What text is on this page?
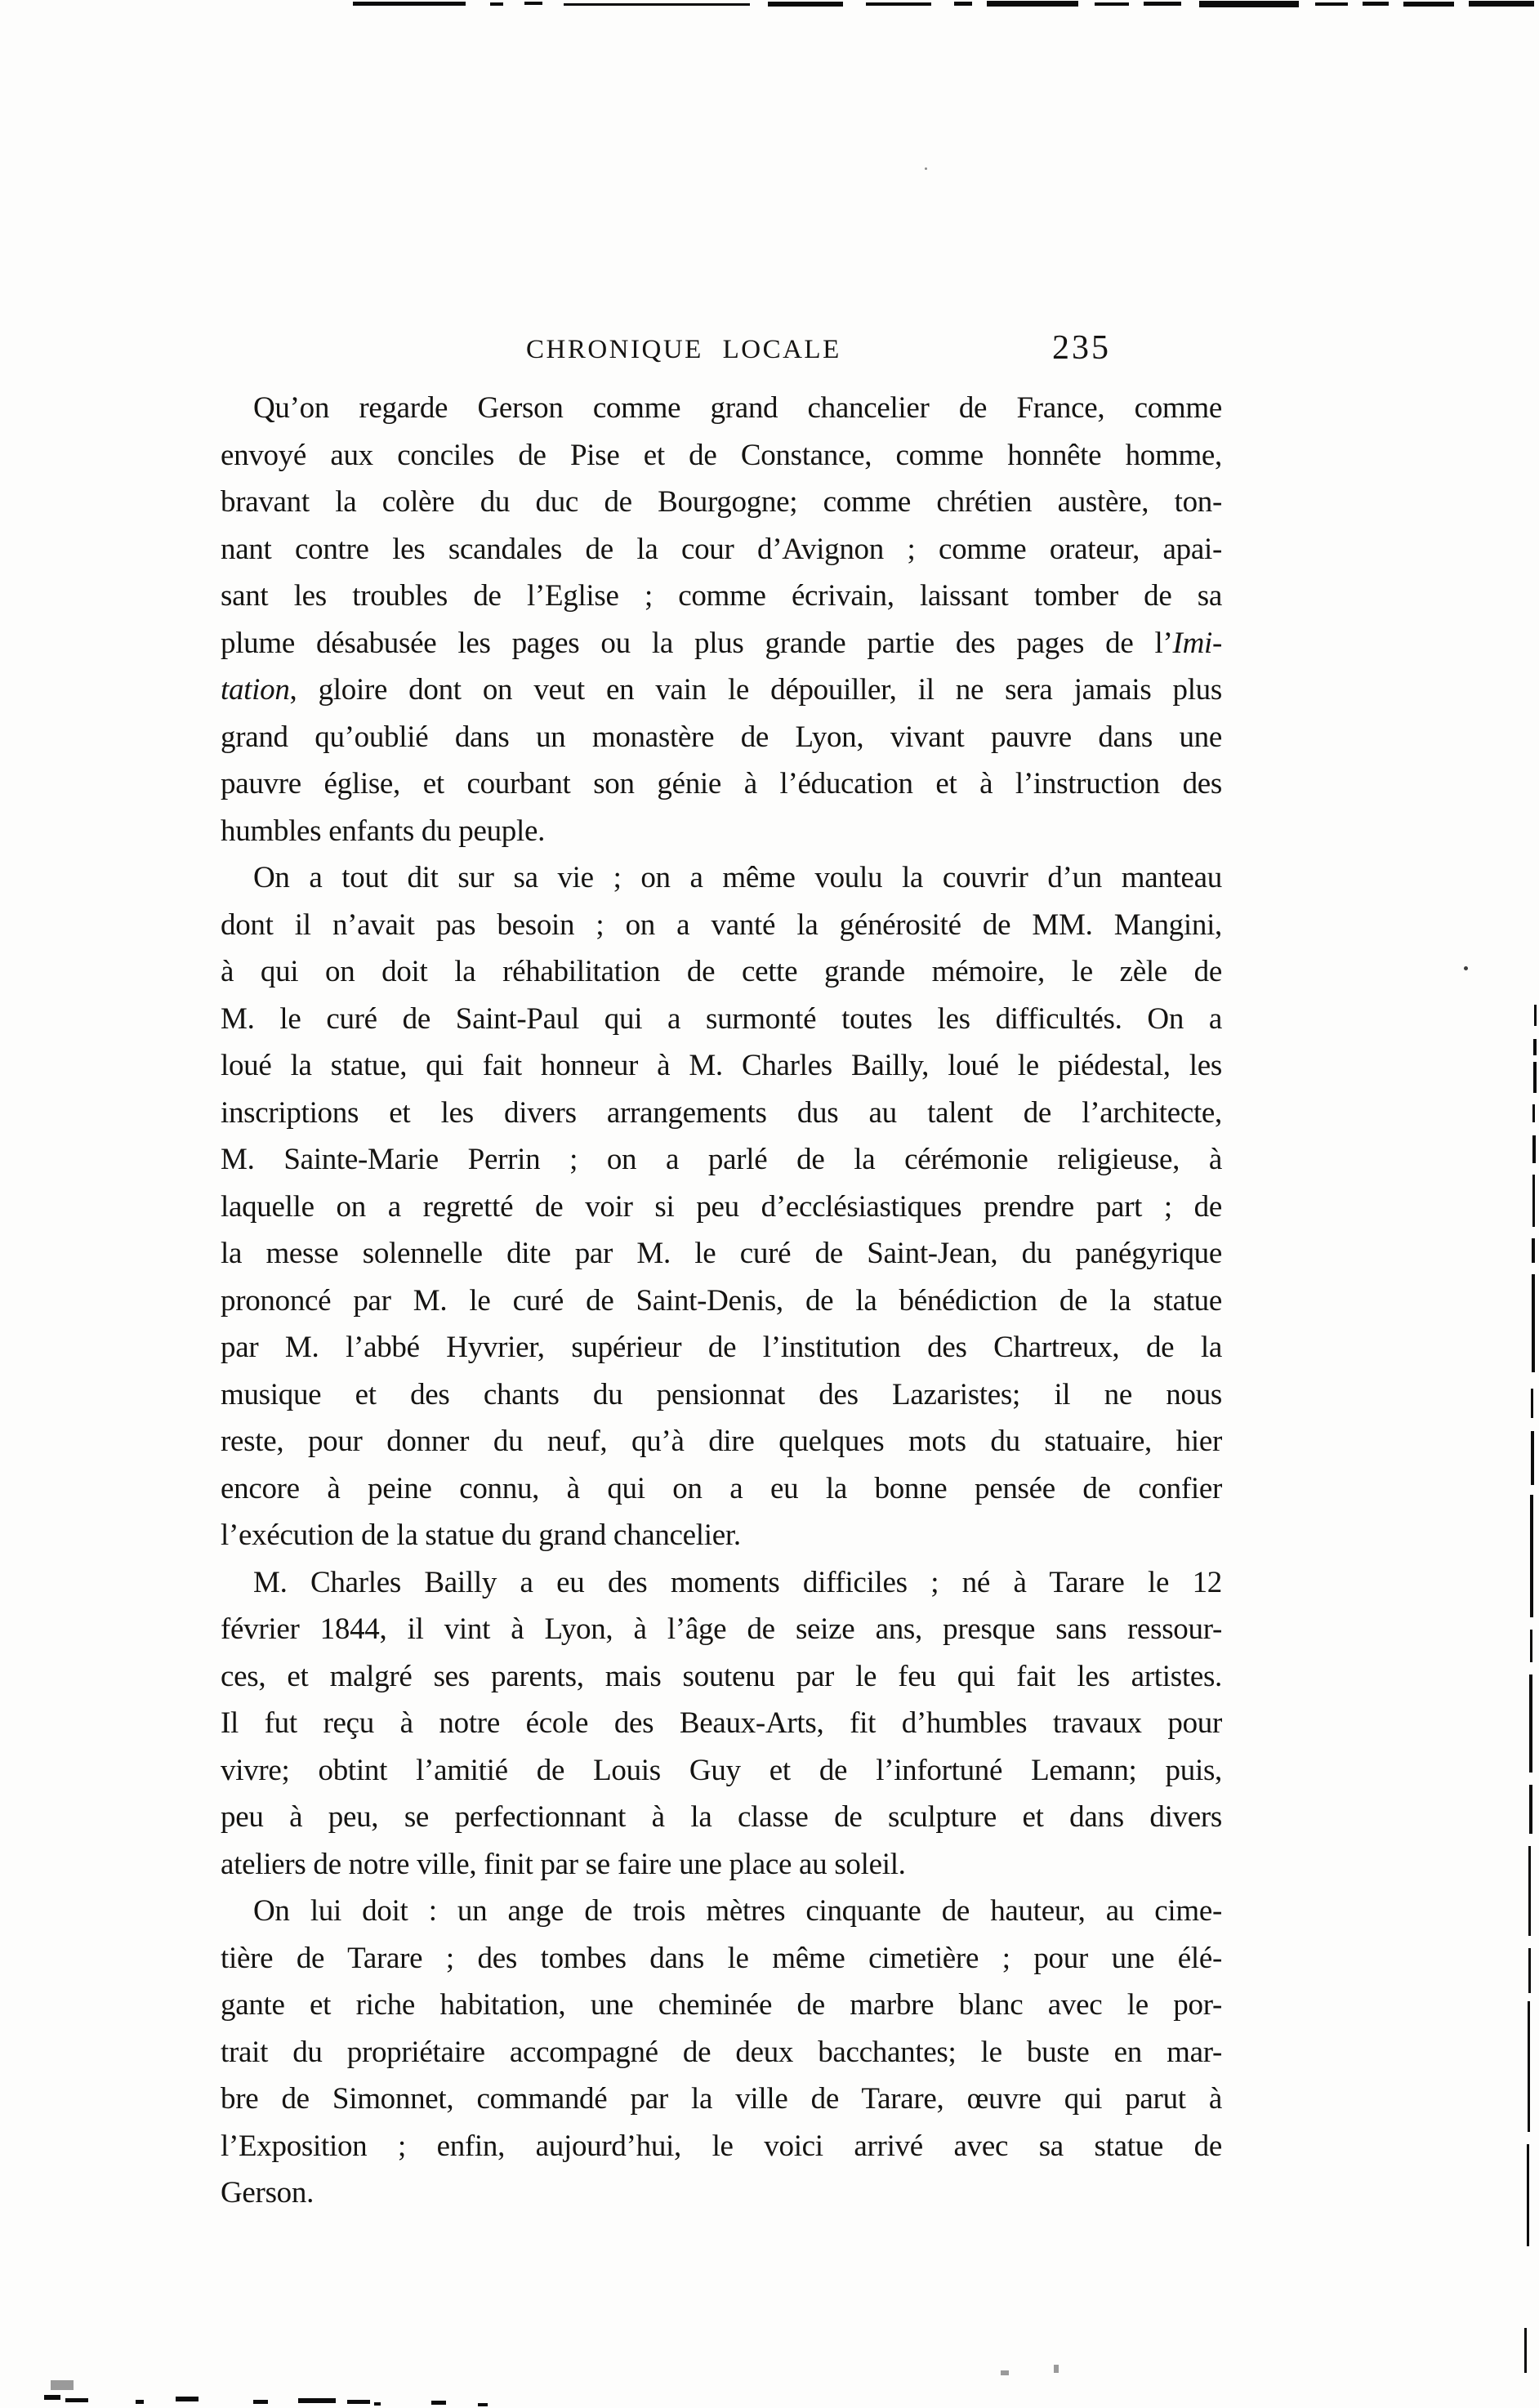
CHRONIQUE LOCALE	235
Qu’on regarde Gerson comme grand chancelier de France, comme
envoyé aux conciles de Pise et de Constance, comme honnête homme,
bravant la colère du duc de Bourgogne; comme chrétien austère, ton-
nant contre les scandales de la cour d’Avignon ; comme orateur, apai-
sant les troubles de l’Eglise ; comme écrivain, laissant tomber de sa
plume désabusée les pages ou la plus grande partie des pages de l’Imi-
tation, gloire dont on veut en vain le dépouiller, il ne sera jamais plus
grand qu’oublié dans un monastère de Lyon, vivant pauvre dans une
pauvre église, et courbant son génie à l’éducation et à l’instruction des
humbles enfants du peuple.
On a tout dit sur sa vie ; on a même voulu la couvrir d’un manteau
dont il n’avait pas besoin ; on a vanté la générosité de MM. Mangini,
à qui on doit la réhabilitation de cette grande mémoire, le zèle de
M. le curé de Saint-Paul qui a surmonté toutes les difficultés. On a
loué la statue, qui fait honneur à M. Charles Bailly, loué le piédestal, les
inscriptions et les divers arrangements dus au talent de l’architecte,
M. Sainte-Marie Perrin ; on a parlé de la cérémonie religieuse, à
laquelle on a regretté de voir si peu d’ecclésiastiques prendre part ; de
la messe solennelle dite par M. le curé de Saint-Jean, du panégyrique
prononcé par M. le curé de Saint-Denis, de la bénédiction de la statue
par M. l’abbé Hyvrier, supérieur de l’institution des Chartreux, de la
musique et des chants du pensionnat des Lazaristes; il ne nous
reste, pour donner du neuf, qu’à dire quelques mots du statuaire, hier
encore à peine connu, à qui on a eu la bonne pensée de confier
l’exécution de la statue du grand chancelier.
M. Charles Bailly a eu des moments difficiles ; né à Tarare le 12
février 1844, il vint à Lyon, à l’âge de seize ans, presque sans ressour-
ces, et malgré ses parents, mais soutenu par le feu qui fait les artistes.
Il fut reçu à notre école des Beaux-Arts, fit d’humbles travaux pour
vivre; obtint l’amitié de Louis Guy et de l’infortuné Lemann; puis,
peu à peu, se perfectionnant à la classe de sculpture et dans divers
ateliers de notre ville, finit par se faire une place au soleil.
On lui doit : un ange de trois mètres cinquante de hauteur, au cime-
tière de Tarare ; des tombes dans le même cimetière ; pour une élé-
gante et riche habitation, une cheminée de marbre blanc avec le por-
trait du propriétaire accompagné de deux bacchantes; le buste en mar-
bre de Simonnet, commandé par la ville de Tarare, œuvre qui parut à
l’Exposition ; enfin, aujourd’hui, le voici arrivé avec sa statue de
Gerson.
